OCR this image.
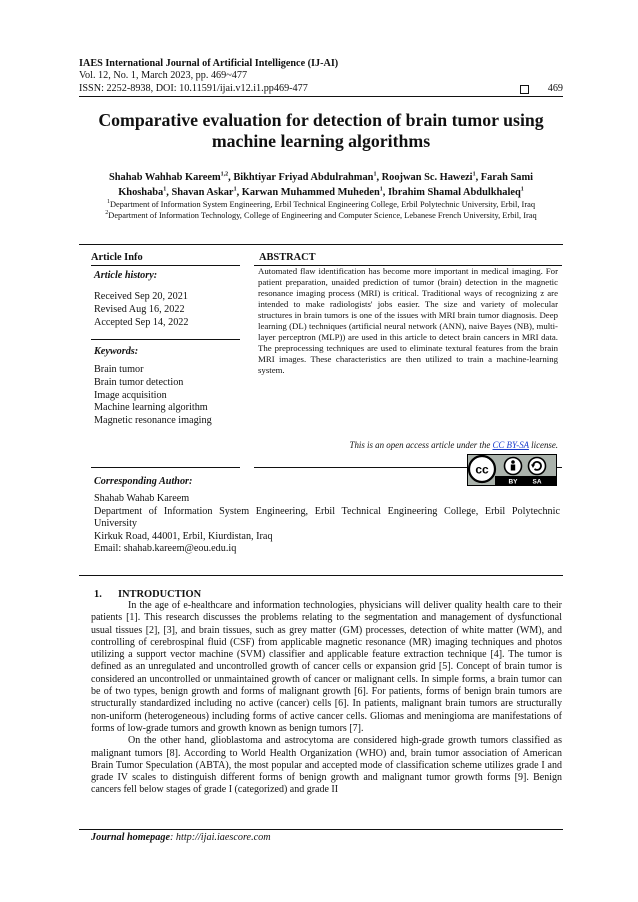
IAES International Journal of Artificial Intelligence (IJ-AI)
Vol. 12, No. 1, March 2023, pp. 469~477
ISSN: 2252-8938, DOI: 10.11591/ijai.v12.i1.pp469-477	469
Comparative evaluation for detection of brain tumor using machine learning algorithms
Shahab Wahhab Kareem$^{1,2}$, Bikhtiyar Friyad Abdulrahman$^1$, Roojwan Sc. Hawezi$^1$, Farah Sami
Khoshaba$^1$, Shavan Askar$^1$, Karwan Muhammed Muheden$^1$, Ibrahim Shamal Abdulkhaleq$^1$
$^1$Department of Information System Engineering, Erbil Technical Engineering College, Erbil Polytechnic University, Erbil, Iraq
$^2$Department of Information Technology, College of Engineering and Computer Science, Lebanese French University, Erbil, Iraq
Article Info	ABSTRACT
Article history:
Received Sep 20, 2021
Revised Aug 16, 2022
Accepted Sep 14, 2022
Keywords:
Brain tumor
Brain tumor detection
Image acquisition
Machine learning algorithm
Magnetic resonance imaging
Automated flaw identification has become more important in medical imaging. For patient preparation, unaided prediction of tumor (brain) detection in the magnetic resonance imaging process (MRI) is critical. Traditional ways of recognizing z are intended to make radiologists' jobs easier. The size and variety of molecular structures in brain tumors is one of the issues with MRI brain tumor diagnosis. Deep learning (DL) techniques (artificial neural network (ANN), naive Bayes (NB), multi-layer perceptron (MLP)) are used in this article to detect brain cancers in MRI data. The preprocessing techniques are used to eliminate textural features from the brain MRI images. These characteristics are then utilized to train a machine-learning system.
This is an open access article under the CC BY-SA license.
cc
BY SA
Corresponding Author:
Shahab Wahab Kareem
Department of Information System Engineering, Erbil Technical Engineering College, Erbil Polytechnic University
Kirkuk Road, 44001, Erbil, Kiurdistan, Iraq
Email: shahab.kareem@eou.edu.iq
1. INTRODUCTION

In the age of e-healthcare and information technologies, physicians will deliver quality health care to their patients [1]. This research discusses the problems relating to the segmentation and management of dysfunctional usual tissues [2], [3], and brain tissues, such as grey matter (GM) processes, detection of white matter (WM), and controlling of cerebrospinal fluid (CSF) from applicable magnetic resonance (MR) imaging techniques and photos utilizing a support vector machine (SVM) classifier and applicable feature extraction technique [4]. The tumor is defined as an unregulated and uncontrolled growth of cancer cells or expansion grid [5]. Concept of brain tumor is considered an uncontrolled or unmaintained growth of cancer or malignant cells. In simple forms, a brain tumor can be of two types, benign growth and forms of malignant growth [6]. For patients, forms of benign brain tumors are structurally standardized including no active (cancer) cells [6]. In patients, malignant brain tumors are structurally non-uniform (heterogeneous) including forms of active cancer cells. Gliomas and meningioma are manifestations of forms of low-grade tumors and growth known as benign tumors [7].

On the other hand, glioblastoma and astrocytoma are considered high-grade growth tumors classified as malignant tumors [8]. According to World Health Organization (WHO) and, brain tumor association of American Brain Tumor Speculation (ABTA), the most popular and accepted mode of classification scheme utilizes grade I and grade IV scales to distinguish different forms of benign growth and malignant tumor growth forms [9]. Benign cancers fell below stages of grade I (categorized) and grade II

Journal homepage: http://ijai.iaescore.com
